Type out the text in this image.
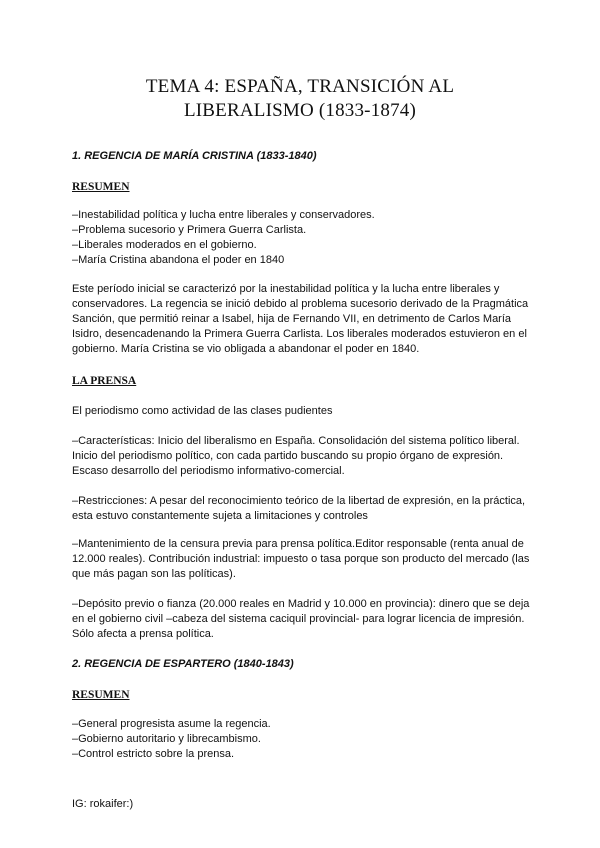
TEMA 4: ESPAÑA, TRANSICIÓN AL
LIBERALISMO (1833-1874)

1. REGENCIA DE MARÍA CRISTINA (1833-1840)

RESUMEN

–Inestabilidad política y lucha entre liberales y conservadores.
–Problema sucesorio y Primera Guerra Carlista.
–Liberales moderados en el gobierno.
–María Cristina abandona el poder en 1840

Este período inicial se caracterizó por la inestabilidad política y la lucha entre liberales y conservadores. La regencia se inició debido al problema sucesorio derivado de la Pragmática Sanción, que permitió reinar a Isabel, hija de Fernando VII, en detrimento de Carlos María Isidro, desencadenando la Primera Guerra Carlista. Los liberales moderados estuvieron en el gobierno. María Cristina se vio obligada a abandonar el poder en 1840.

LA PRENSA

El periodismo como actividad de las clases pudientes

–Características: Inicio del liberalismo en España. Consolidación del sistema político liberal. Inicio del periodismo político, con cada partido buscando su propio órgano de expresión. Escaso desarrollo del periodismo informativo-comercial.

–Restricciones: A pesar del reconocimiento teórico de la libertad de expresión, en la práctica, esta estuvo constantemente sujeta a limitaciones y controles

–Mantenimiento de la censura previa para prensa política.Editor responsable (renta anual de 12.000 reales). Contribución industrial: impuesto o tasa porque son producto del mercado (las que más pagan son las políticas).

–Depósito previo o fianza (20.000 reales en Madrid y 10.000 en provincia): dinero que se deja en el gobierno civil –cabeza del sistema caciquil provincial- para lograr licencia de impresión. Sólo afecta a prensa política.

2. REGENCIA DE ESPARTERO (1840-1843)

RESUMEN

–General progresista asume la regencia.
–Gobierno autoritario y librecambismo.
–Control estricto sobre la prensa.

IG: rokaifer:)
